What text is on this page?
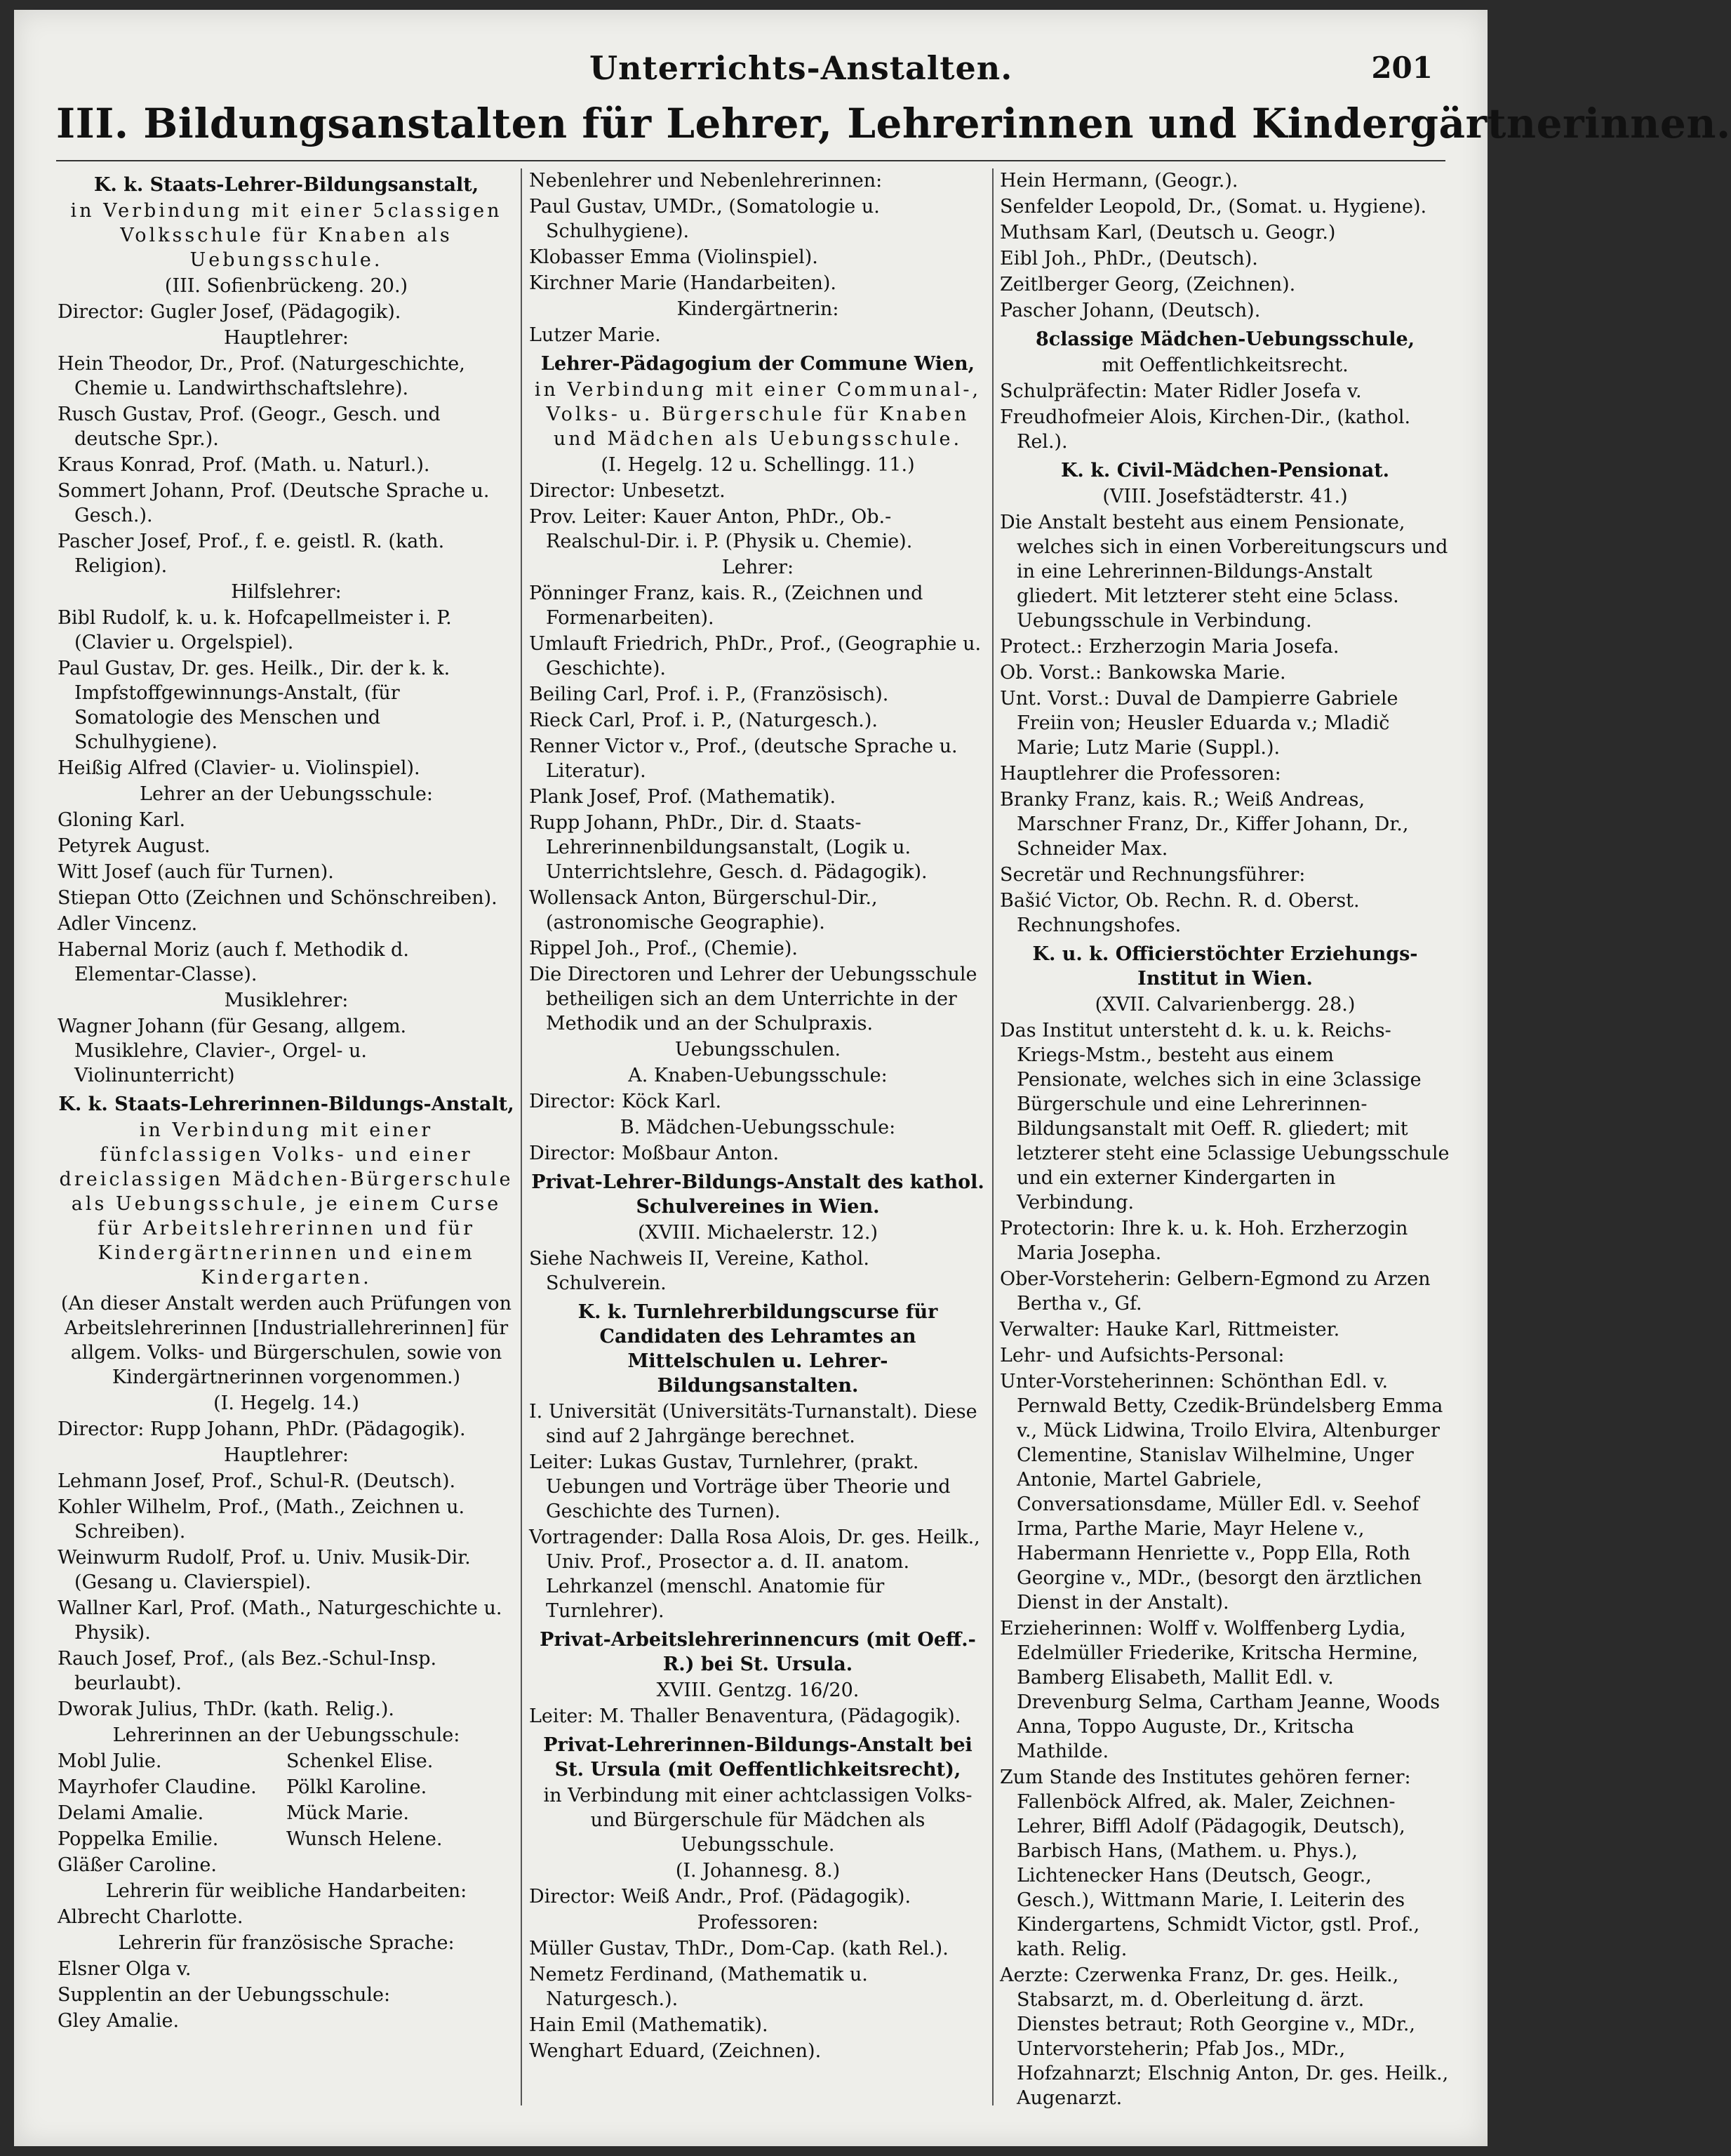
Unterrichts-Anstalten.	201
III. Bildungsanstalten für Lehrer, Lehrerinnen und Kindergärtnerinnen.
K. k. Staats-Lehrer-Bildungsanstalt,
in Verbindung mit einer 5classigen Volksschule für Knaben als Uebungsschule.
(III. Sofienbrückeng. 20.)
Director: Gugler Josef, (Pädagogik).
Hauptlehrer:
Hein Theodor, Dr., Prof. (Naturgeschichte, Chemie u. Landwirthschaftslehre).
Rusch Gustav, Prof. (Geogr., Gesch. und deutsche Spr.).
Kraus Konrad, Prof. (Math. u. Naturl.).
Sommert Johann, Prof. (Deutsche Sprache u. Gesch.).
Pascher Josef, Prof., f. e. geistl. R. (kath. Religion).
Hilfslehrer:
Bibl Rudolf, k. u. k. Hofcapellmeister i. P. (Clavier u. Orgelspiel).
Paul Gustav, Dr. ges. Heilk., Dir. der k. k. Impfstoffgewinnungs-Anstalt, (für Somatologie des Menschen und Schulhygiene).
Heißig Alfred (Clavier- u. Violinspiel).
Lehrer an der Uebungsschule:
Gloning Karl.
Petyrek August.
Witt Josef (auch für Turnen).
Stiepan Otto (Zeichnen und Schönschreiben).
Adler Vincenz.
Habernal Moriz (auch f. Methodik d. Elementar-Classe).
Musiklehrer:
Wagner Johann (für Gesang, allgem. Musiklehre, Clavier-, Orgel- u. Violinunterricht)
K. k. Staats-Lehrerinnen-Bildungs-Anstalt,
in Verbindung mit einer fünfclassigen Volks- und einer dreiclassigen Mädchen-Bürgerschule als Uebungsschule, je einem Curse für Arbeitslehrerinnen und für Kindergärtnerinnen und einem Kindergarten.
(An dieser Anstalt werden auch Prüfungen von Arbeitslehrerinnen [Industriallehrerinnen] für allgem. Volks- und Bürgerschulen, sowie von Kindergärtnerinnen vorgenommen.)
(I. Hegelg. 14.)
Director: Rupp Johann, PhDr. (Pädagogik).
Hauptlehrer:
Lehmann Josef, Prof., Schul-R. (Deutsch).
Kohler Wilhelm, Prof., (Math., Zeichnen u. Schreiben).
Weinwurm Rudolf, Prof. u. Univ. Musik-Dir. (Gesang u. Clavierspiel).
Wallner Karl, Prof. (Math., Naturgeschichte u. Physik).
Rauch Josef, Prof., (als Bez.-Schul-Insp. beurlaubt).
Dworak Julius, ThDr. (kath. Relig.).
Lehrerinnen an der Uebungsschule:
Mobl Julie.	Schenkel Elise.
Mayrhofer Claudine.	Pölkl Karoline.
Delami Amalie.	Mück Marie.
Poppelka Emilie.	Wunsch Helene.
Gläßer Caroline.
Lehrerin für weibliche Handarbeiten:
Albrecht Charlotte.
Lehrerin für französische Sprache:
Elsner Olga v.
Supplentin an der Uebungsschule:
Gley Amalie.
Nebenlehrer und Nebenlehrerinnen:
Paul Gustav, UMDr., (Somatologie u. Schulhygiene).
Klobasser Emma (Violinspiel).
Kirchner Marie (Handarbeiten).
Kindergärtnerin:
Lutzer Marie.
Lehrer-Pädagogium der Commune Wien,
in Verbindung mit einer Communal-, Volks- u. Bürgerschule für Knaben und Mädchen als Uebungsschule.
(I. Hegelg. 12 u. Schellingg. 11.)
Director: Unbesetzt.
Prov. Leiter: Kauer Anton, PhDr., Ob.-Realschul-Dir. i. P. (Physik u. Chemie).
Lehrer:
Pönninger Franz, kais. R., (Zeichnen und Formenarbeiten).
Umlauft Friedrich, PhDr., Prof., (Geographie u. Geschichte).
Beiling Carl, Prof. i. P., (Französisch).
Rieck Carl, Prof. i. P., (Naturgesch.).
Renner Victor v., Prof., (deutsche Sprache u. Literatur).
Plank Josef, Prof. (Mathematik).
Rupp Johann, PhDr., Dir. d. Staats-Lehrerinnenbildungsanstalt, (Logik u. Unterrichtslehre, Gesch. d. Pädagogik).
Wollensack Anton, Bürgerschul-Dir., (astronomische Geographie).
Rippel Joh., Prof., (Chemie).
Die Directoren und Lehrer der Uebungsschule betheiligen sich an dem Unterrichte in der Methodik und an der Schulpraxis.
Uebungsschulen.
A. Knaben-Uebungsschule:
Director: Köck Karl.
B. Mädchen-Uebungsschule:
Director: Moßbaur Anton.
Privat-Lehrer-Bildungs-Anstalt des kathol. Schulvereines in Wien.
(XVIII. Michaelerstr. 12.)
Siehe Nachweis II, Vereine, Kathol. Schulverein.
K. k. Turnlehrerbildungscurse für Candidaten des Lehramtes an Mittelschulen u. Lehrer-Bildungsanstalten.
I. Universität (Universitäts-Turnanstalt). Diese sind auf 2 Jahrgänge berechnet.
Leiter: Lukas Gustav, Turnlehrer, (prakt. Uebungen und Vorträge über Theorie und Geschichte des Turnen).
Vortragender: Dalla Rosa Alois, Dr. ges. Heilk., Univ. Prof., Prosector a. d. II. anatom. Lehrkanzel (menschl. Anatomie für Turnlehrer).
Privat-Arbeitslehrerinnencurs (mit Oeff.-R.) bei St. Ursula.
XVIII. Gentzg. 16/20.
Leiter: M. Thaller Benaventura, (Pädagogik).
Privat-Lehrerinnen-Bildungs-Anstalt bei St. Ursula (mit Oeffentlichkeitsrecht),
in Verbindung mit einer achtclassigen Volks- und Bürgerschule für Mädchen als Uebungsschule.
(I. Johannesg. 8.)
Director: Weiß Andr., Prof. (Pädagogik).
Professoren:
Müller Gustav, ThDr., Dom-Cap. (kath Rel.).
Nemetz Ferdinand, (Mathematik u. Naturgesch.).
Hain Emil (Mathematik).
Wenghart Eduard, (Zeichnen).
Hein Hermann, (Geogr.).
Senfelder Leopold, Dr., (Somat. u. Hygiene).
Muthsam Karl, (Deutsch u. Geogr.)
Eibl Joh., PhDr., (Deutsch).
Zeitlberger Georg, (Zeichnen).
Pascher Johann, (Deutsch).
8classige Mädchen-Uebungsschule,
mit Oeffentlichkeitsrecht.
Schulpräfectin: Mater Ridler Josefa v.
Freudhofmeier Alois, Kirchen-Dir., (kathol. Rel.).
K. k. Civil-Mädchen-Pensionat.
(VIII. Josefstädterstr. 41.)
Die Anstalt besteht aus einem Pensionate, welches sich in einen Vorbereitungscurs und in eine Lehrerinnen-Bildungs-Anstalt gliedert. Mit letzterer steht eine 5class. Uebungsschule in Verbindung.
Protect.: Erzherzogin Maria Josefa.
Ob. Vorst.: Bankowska Marie.
Unt. Vorst.: Duval de Dampierre Gabriele Freiin von; Heusler Eduarda v.; Mladič Marie; Lutz Marie (Suppl.).
Hauptlehrer die Professoren:
Branky Franz, kais. R.; Weiß Andreas, Marschner Franz, Dr., Kiffer Johann, Dr., Schneider Max.
Secretär und Rechnungsführer:
Bašić Victor, Ob. Rechn. R. d. Oberst. Rechnungshofes.
K. u. k. Officierstöchter Erziehungs-Institut in Wien.
(XVII. Calvarienbergg. 28.)
Das Institut untersteht d. k. u. k. Reichs-Kriegs-Mstm., besteht aus einem Pensionate, welches sich in eine 3classige Bürgerschule und eine Lehrerinnen-Bildungsanstalt mit Oeff. R. gliedert; mit letzterer steht eine 5classige Uebungsschule und ein externer Kindergarten in Verbindung.
Protectorin: Ihre k. u. k. Hoh. Erzherzogin Maria Josepha.
Ober-Vorsteherin: Gelbern-Egmond zu Arzen Bertha v., Gf.
Verwalter: Hauke Karl, Rittmeister.
Lehr- und Aufsichts-Personal:
Unter-Vorsteherinnen: Schönthan Edl. v. Pernwald Betty, Czedik-Bründelsberg Emma v., Mück Lidwina, Troilo Elvira, Altenburger Clementine, Stanislav Wilhelmine, Unger Antonie, Martel Gabriele, Conversationsdame, Müller Edl. v. Seehof Irma, Parthe Marie, Mayr Helene v., Habermann Henriette v., Popp Ella, Roth Georgine v., MDr., (besorgt den ärztlichen Dienst in der Anstalt).
Erzieherinnen: Wolff v. Wolffenberg Lydia, Edelmüller Friederike, Kritscha Hermine, Bamberg Elisabeth, Mallit Edl. v. Drevenburg Selma, Cartham Jeanne, Woods Anna, Toppo Auguste, Dr., Kritscha Mathilde.
Zum Stande des Institutes gehören ferner: Fallenböck Alfred, ak. Maler, Zeichnen-Lehrer, Biffl Adolf (Pädagogik, Deutsch), Barbisch Hans, (Mathem. u. Phys.), Lichtenecker Hans (Deutsch, Geogr., Gesch.), Wittmann Marie, I. Leiterin des Kindergartens, Schmidt Victor, gstl. Prof., kath. Relig.
Aerzte: Czerwenka Franz, Dr. ges. Heilk., Stabsarzt, m. d. Oberleitung d. ärzt. Dienstes betraut; Roth Georgine v., MDr., Untervorsteherin; Pfab Jos., MDr., Hofzahnarzt; Elschnig Anton, Dr. ges. Heilk., Augenarzt.
